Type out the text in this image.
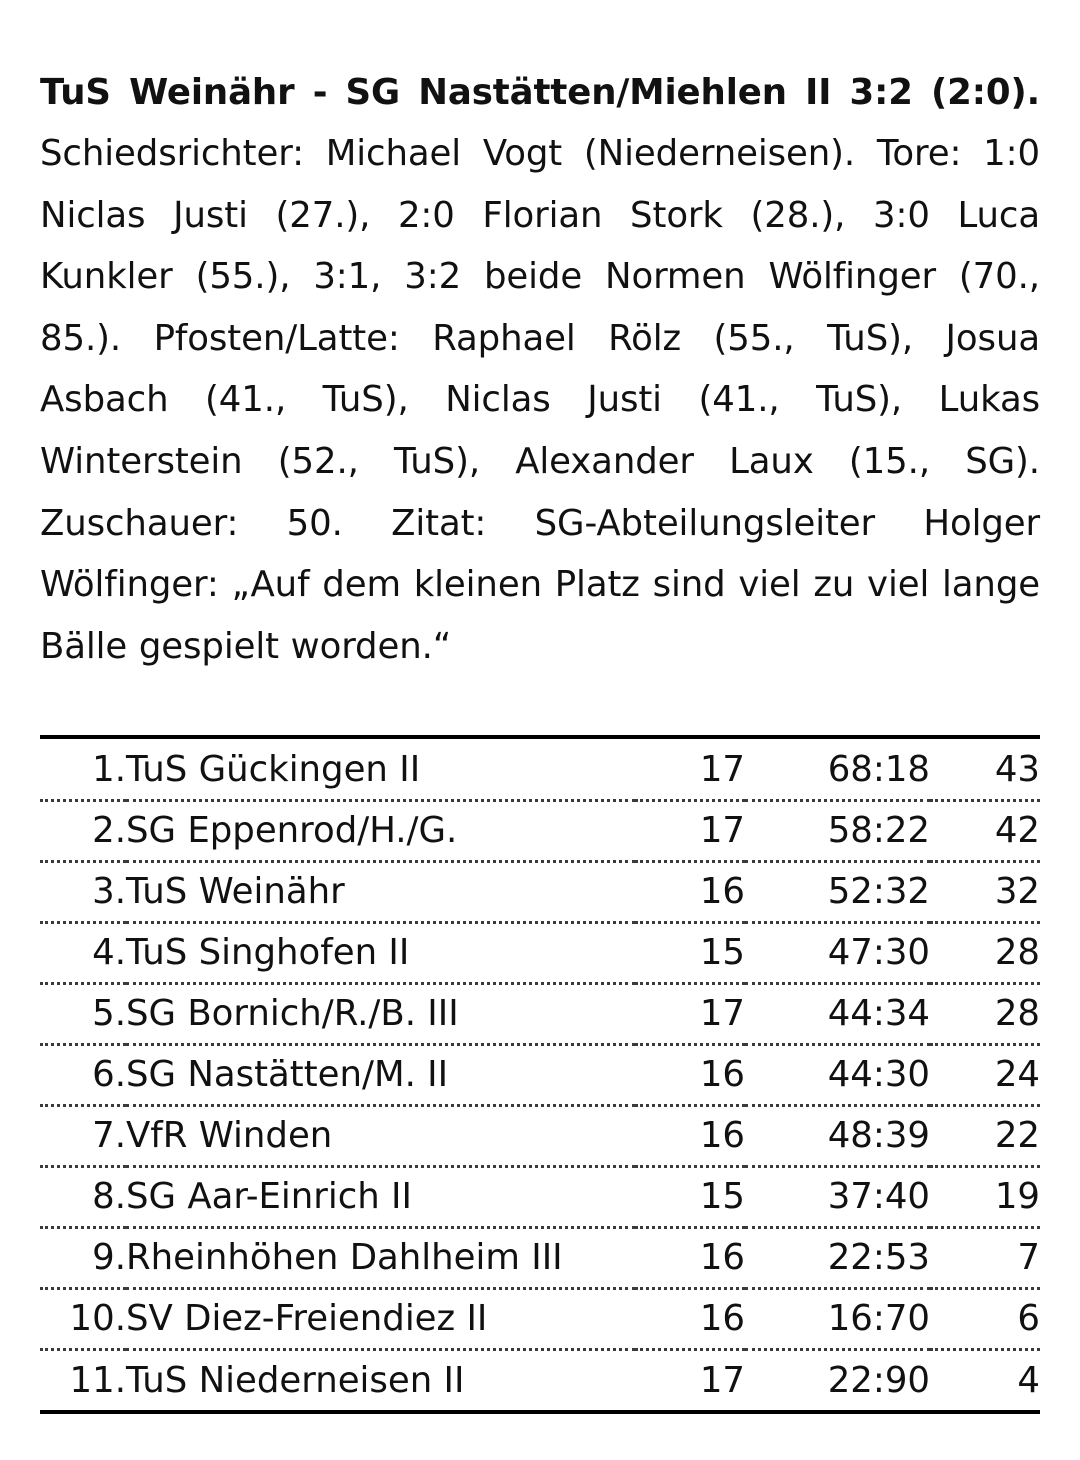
TuS Weinähr - SG Nastätten/Miehlen II 3:2 (2:0). Schiedsrichter: Michael Vogt (Niederneisen). Tore: 1:0 Niclas Justi (27.), 2:0 Florian Stork (28.), 3:0 Luca Kunkler (55.), 3:1, 3:2 beide Normen Wölfinger (70., 85.). Pfosten/Latte: Raphael Rölz (55., TuS), Josua Asbach (41., TuS), Niclas Justi (41., TuS), Lukas Winterstein (52., TuS), Alexander Laux (15., SG). Zuschauer: 50. Zitat: SG-Abteilungsleiter Holger Wölfinger: „Auf dem kleinen Platz sind viel zu viel lange Bälle gespielt worden.“

1.	TuS Gückingen II	17	68:18	43
2.	SG Eppenrod/H./G.	17	58:22	42
3.	TuS Weinähr	16	52:32	32
4.	TuS Singhofen II	15	47:30	28
5.	SG Bornich/R./B. III	17	44:34	28
6.	SG Nastätten/M. II	16	44:30	24
7.	VfR Winden	16	48:39	22
8.	SG Aar-Einrich II	15	37:40	19
9.	Rheinhöhen Dahlheim III	16	22:53	7
10.	SV Diez-Freiendiez II	16	16:70	6
11.	TuS Niederneisen II	17	22:90	4
